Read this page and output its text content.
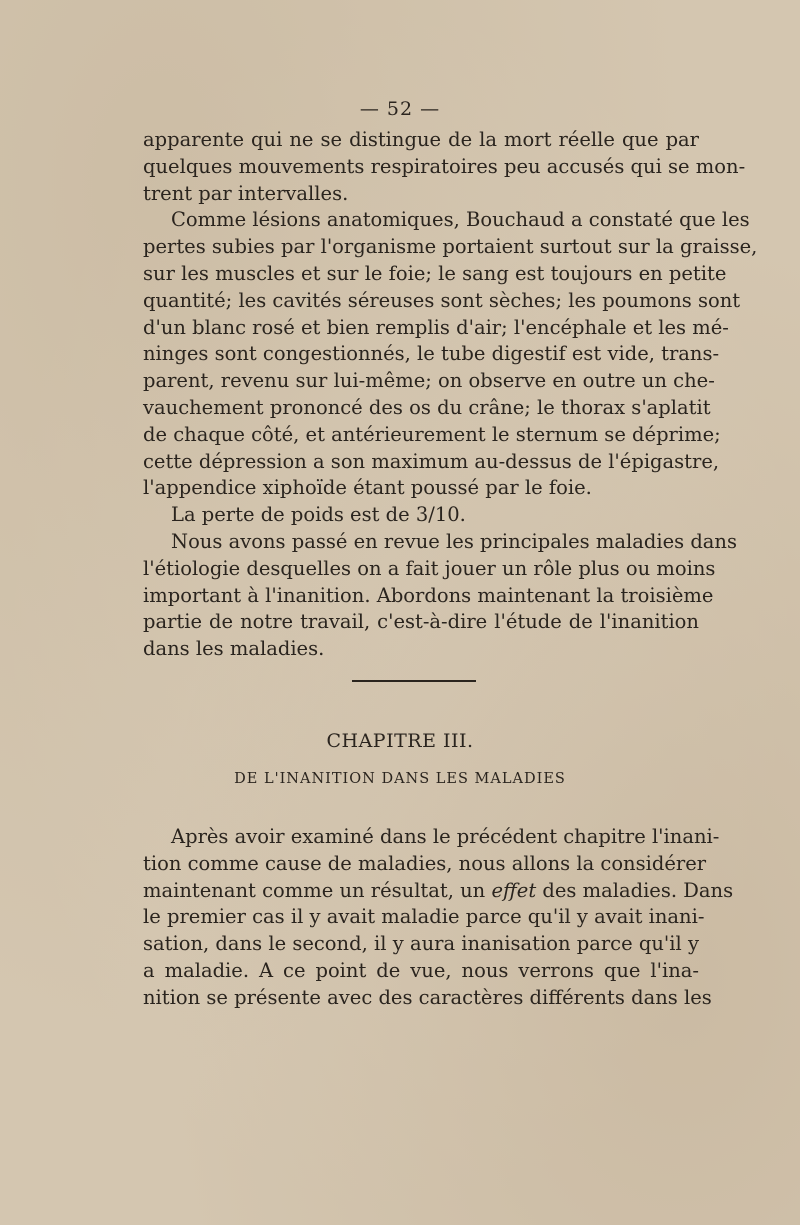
— 52 —
apparente qui ne se distingue de la mort réelle que par
quelques mouvements respiratoires peu accusés qui se mon-
trent par intervalles.
Comme lésions anatomiques, Bouchaud a constaté que les
pertes subies par l'organisme portaient surtout sur la graisse,
sur les muscles et sur le foie; le sang est toujours en petite
quantité; les cavités séreuses sont sèches; les poumons sont
d'un blanc rosé et bien remplis d'air; l'encéphale et les mé-
ninges sont congestionnés, le tube digestif est vide, trans-
parent, revenu sur lui-même; on observe en outre un che-
vauchement prononcé des os du crâne; le thorax s'aplatit
de chaque côté, et antérieurement le sternum se déprime;
cette dépression a son maximum au-dessus de l'épigastre,
l'appendice xiphoïde étant poussé par le foie.
La perte de poids est de 3/10.
Nous avons passé en revue les principales maladies dans
l'étiologie desquelles on a fait jouer un rôle plus ou moins
important à l'inanition. Abordons maintenant la troisième
partie de notre travail, c'est-à-dire l'étude de l'inanition
dans les maladies.
CHAPITRE III.
DE L'INANITION DANS LES MALADIES
Après avoir examiné dans le précédent chapitre l'inani-
tion comme cause de maladies, nous allons la considérer
maintenant comme un résultat, un effet des maladies. Dans
le premier cas il y avait maladie parce qu'il y avait inani-
sation, dans le second, il y aura inanisation parce qu'il y
a maladie. A ce point de vue, nous verrons que l'ina-
nition se présente avec des caractères différents dans les
